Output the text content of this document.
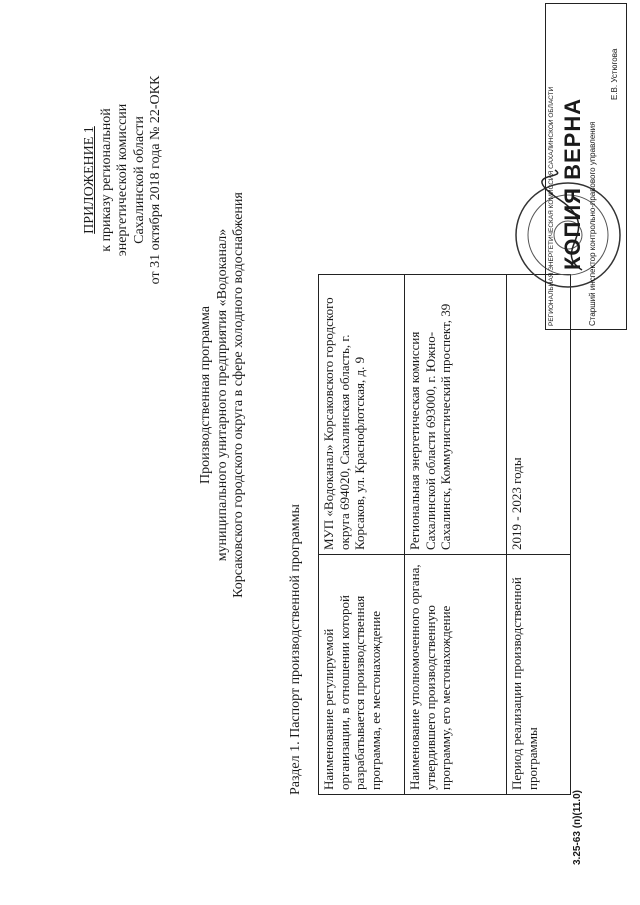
ПРИЛОЖЕНИЕ 1 к приказу региональной энергетической комиссии Сахалинской области от 31 октября 2018 года № 22-ОКК
Производственная программа муниципального унитарного предприятия «Водоканал» Корсаковского городского округа в сфере холодного водоснабжения
Раздел 1. Паспорт производственной программы Наименование регулируемой организации, в отношении которой разрабатывается производственная программа, ее местонахождение	МУП «Водоканал» Корсаковского городского округа 694020, Сахалинская область, г. Корсаков, ул. Краснофлотская, д. 9
Наименование уполномоченного органа, утвердившего производственную программу, его местонахождение	Региональная энергетическая комиссия Сахалинской области 693000, г. Южно-Сахалинск, Коммунистический проспект, 39
Период реализации производственной программы	2019 - 2023 годы
3.25-63 (п)(11.0)
РЕГИОНАЛЬНАЯ ЭНЕРГЕТИЧЕСКАЯ КОМИССИЯ САХАЛИНСКОЙ ОБЛАСТИ КОПИЯ ВЕРНА Старший инспектор контрольно-правового управления
Е.В. Устюгова
